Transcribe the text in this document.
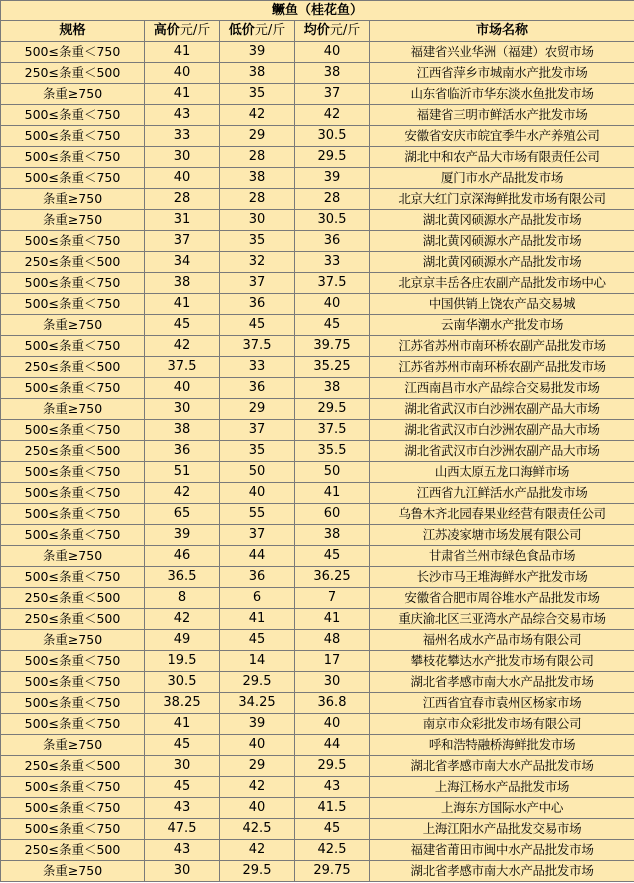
鳜鱼（桂花鱼）				
规格	高价元/斤	低价元/斤	均价元/斤	市场名称
500≤条重＜750	41	39	40	福建省兴业华洲（福建）农贸市场
250≤条重＜500	40	38	38	江西省萍乡市城南水产批发市场
条重≥750	41	35	37	山东省临沂市华东淡水鱼批发市场
500≤条重＜750	43	42	42	福建省三明市鲜活水产批发市场
500≤条重＜750	33	29	30.5	安徽省安庆市皖宜季牛水产养殖公司
500≤条重＜750	30	28	29.5	湖北中和农产品大市场有限责任公司
500≤条重＜750	40	38	39	厦门市水产品批发市场
条重≥750	28	28	28	北京大红门京深海鲜批发市场有限公司
条重≥750	31	30	30.5	湖北黄冈硕源水产品批发市场
500≤条重＜750	37	35	36	湖北黄冈硕源水产品批发市场
250≤条重＜500	34	32	33	湖北黄冈硕源水产品批发市场
500≤条重＜750	38	37	37.5	北京京丰岳各庄农副产品批发市场中心
500≤条重＜750	41	36	40	中国供销上饶农产品交易城
条重≥750	45	45	45	云南华潮水产批发市场
500≤条重＜750	42	37.5	39.75	江苏省苏州市南环桥农副产品批发市场
250≤条重＜500	37.5	33	35.25	江苏省苏州市南环桥农副产品批发市场
500≤条重＜750	40	36	38	江西南昌市水产品综合交易批发市场
条重≥750	30	29	29.5	湖北省武汉市白沙洲农副产品大市场
500≤条重＜750	38	37	37.5	湖北省武汉市白沙洲农副产品大市场
250≤条重＜500	36	35	35.5	湖北省武汉市白沙洲农副产品大市场
500≤条重＜750	51	50	50	山西太原五龙口海鲜市场
500≤条重＜750	42	40	41	江西省九江鲜活水产品批发市场
500≤条重＜750	65	55	60	乌鲁木齐北园春果业经营有限责任公司
500≤条重＜750	39	37	38	江苏凌家塘市场发展有限公司
条重≥750	46	44	45	甘肃省兰州市绿色食品市场
500≤条重＜750	36.5	36	36.25	长沙市马王堆海鲜水产批发市场
250≤条重＜500	8	6	7	安徽省合肥市周谷堆水产品批发市场
250≤条重＜500	42	41	41	重庆渝北区三亚湾水产品综合交易市场
条重≥750	49	45	48	福州名成水产品市场有限公司
500≤条重＜750	19.5	14	17	攀枝花攀达水产批发市场有限公司
500≤条重＜750	30.5	29.5	30	湖北省孝感市南大水产品批发市场
500≤条重＜750	38.25	34.25	36.8	江西省宜春市袁州区杨家市场
500≤条重＜750	41	39	40	南京市众彩批发市场有限公司
条重≥750	45	40	44	呼和浩特融桥海鲜批发市场
250≤条重＜500	30	29	29.5	湖北省孝感市南大水产品批发市场
500≤条重＜750	45	42	43	上海江杨水产品批发市场
500≤条重＜750	43	40	41.5	上海东方国际水产中心
500≤条重＜750	47.5	42.5	45	上海江阳水产品批发交易市场
250≤条重＜500	43	42	42.5	福建省莆田市闽中水产品批发市场
条重≥750	30	29.5	29.75	湖北省孝感市南大水产品批发市场
